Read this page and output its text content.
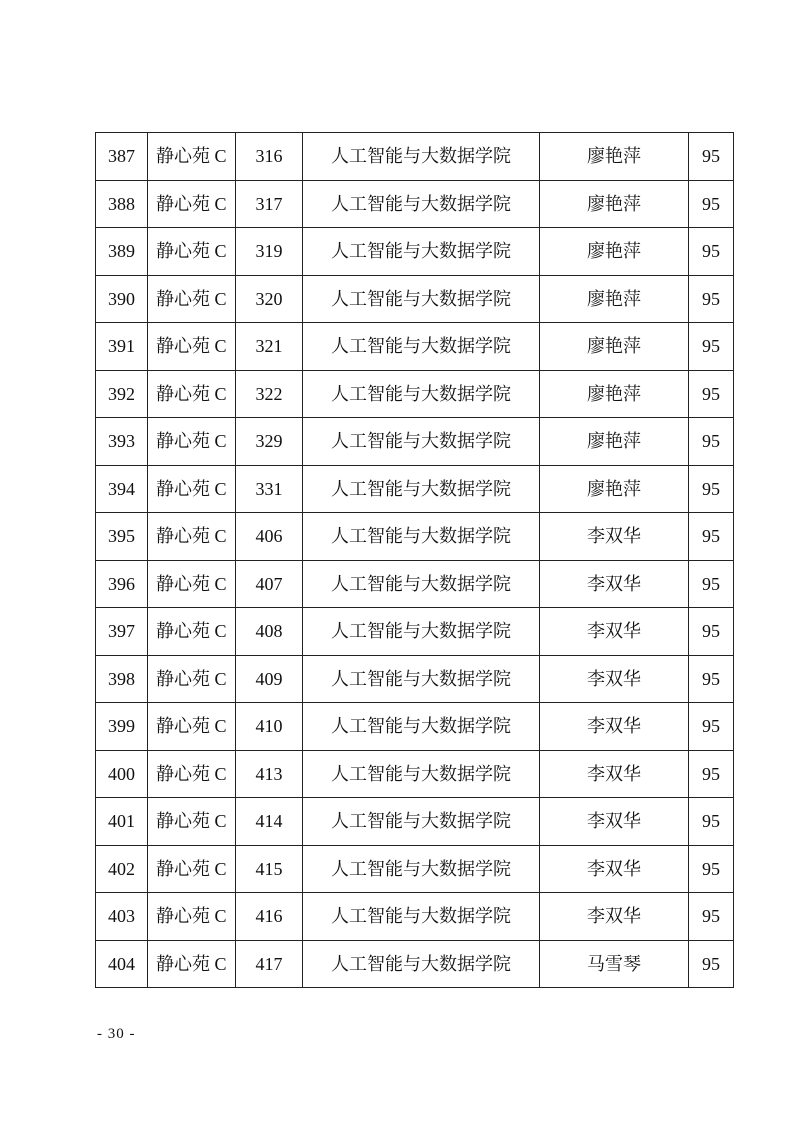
387	静心苑 C	316	人工智能与大数据学院	廖艳萍	95
388	静心苑 C	317	人工智能与大数据学院	廖艳萍	95
389	静心苑 C	319	人工智能与大数据学院	廖艳萍	95
390	静心苑 C	320	人工智能与大数据学院	廖艳萍	95
391	静心苑 C	321	人工智能与大数据学院	廖艳萍	95
392	静心苑 C	322	人工智能与大数据学院	廖艳萍	95
393	静心苑 C	329	人工智能与大数据学院	廖艳萍	95
394	静心苑 C	331	人工智能与大数据学院	廖艳萍	95
395	静心苑 C	406	人工智能与大数据学院	李双华	95
396	静心苑 C	407	人工智能与大数据学院	李双华	95
397	静心苑 C	408	人工智能与大数据学院	李双华	95
398	静心苑 C	409	人工智能与大数据学院	李双华	95
399	静心苑 C	410	人工智能与大数据学院	李双华	95
400	静心苑 C	413	人工智能与大数据学院	李双华	95
401	静心苑 C	414	人工智能与大数据学院	李双华	95
402	静心苑 C	415	人工智能与大数据学院	李双华	95
403	静心苑 C	416	人工智能与大数据学院	李双华	95
404	静心苑 C	417	人工智能与大数据学院	马雪琴	95
- 30 -
